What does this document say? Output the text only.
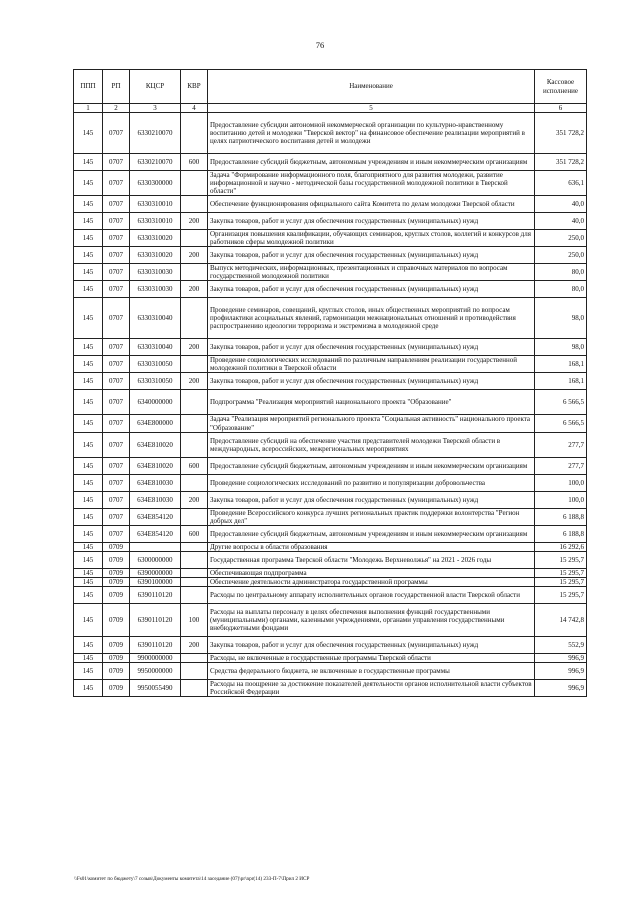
76
ППП	РП	КЦСР	КВР	Наименование	Кассовое исполнение
1	2	3	4	5	6
145	0707	6330210070		Предоставление субсидии автономной некоммерческой организации по культурно-нравственному воспитанию детей и молодежи "Тверской вектор" на финансовое обеспечение реализации мероприятий в целях патриотического воспитания детей и молодежи	351 728,2
145	0707	6330210070	600	Предоставление субсидий бюджетным, автономным учреждениям и иным некоммерческим организациям	351 728,2
145	0707	6330300000		Задача "Формирование информационного поля, благоприятного для развития молодежи, развитие информационной и научно - методической базы государственной молодежной политики в Тверской области"	636,1
145	0707	6330310010		Обеспечение функционирования официального сайта Комитета по делам молодежи Тверской области	40,0
145	0707	6330310010	200	Закупка товаров, работ и услуг для обеспечения государственных (муниципальных) нужд	40,0
145	0707	6330310020		Организация повышения квалификации, обучающих семинаров, круглых столов, коллегий и конкурсов для работников сферы молодежной политики	250,0
145	0707	6330310020	200	Закупка товаров, работ и услуг для обеспечения государственных (муниципальных) нужд	250,0
145	0707	6330310030		Выпуск методических, информационных, презентационных и справочных материалов по вопросам государственной молодежной политики	80,0
145	0707	6330310030	200	Закупка товаров, работ и услуг для обеспечения государственных (муниципальных) нужд	80,0
145	0707	6330310040		Проведение семинаров, совещаний, круглых столов, иных общественных мероприятий по вопросам профилактики асоциальных явлений, гармонизации межнациональных отношений и противодействия распространению идеологии терроризма и экстремизма в молодежной среде	98,0
145	0707	6330310040	200	Закупка товаров, работ и услуг для обеспечения государственных (муниципальных) нужд	98,0
145	0707	6330310050		Проведение социологических исследований по различным направлениям реализации государственной молодежной политики в Тверской области	168,1
145	0707	6330310050	200	Закупка товаров, работ и услуг для обеспечения государственных (муниципальных) нужд	168,1
145	0707	6340000000		Подпрограмма "Реализация мероприятий национального проекта "Образование"	6 566,5
145	0707	634E800000		Задача "Реализация мероприятий регионального проекта "Социальная активность" национального проекта "Образование"	6 566,5
145	0707	634E810020		Предоставление субсидий на обеспечение участия представителей молодежи Тверской области в международных, всероссийских, межрегиональных мероприятиях	277,7
145	0707	634E810020	600	Предоставление субсидий бюджетным, автономным учреждениям и иным некоммерческим организациям	277,7
145	0707	634E810030		Проведение социологических исследований по развитию и популяризации добровольчества	100,0
145	0707	634E810030	200	Закупка товаров, работ и услуг для обеспечения государственных (муниципальных) нужд	100,0
145	0707	634E854120		Проведение Всероссийского конкурса лучших региональных практик поддержки волонтерства "Регион добрых дел"	6 188,8
145	0707	634E854120	600	Предоставление субсидий бюджетным, автономным учреждениям и иным некоммерческим организациям	6 188,8
145	0709			Другие вопросы в области образования	16 292,6
145	0709	6300000000		Государственная программа Тверской области "Молодежь Верхневолжья" на 2021 - 2026 годы	15 295,7
145	0709	6390000000		Обеспечивающая подпрограмма	15 295,7
145	0709	6390100000		Обеспечение деятельности администратора государственной программы	15 295,7
145	0709	6390110120		Расходы по центральному аппарату исполнительных органов государственной власти Тверской области	15 295,7
145	0709	6390110120	100	Расходы на выплаты персоналу в целях обеспечения выполнения функций государственными (муниципальными) органами, казенными учреждениями, органами управления государственными внебюджетными фондами	14 742,8
145	0709	6390110120	200	Закупка товаров, работ и услуг для обеспечения государственных (муниципальных) нужд	552,9
145	0709	9900000000		Расходы, не включенные в государственные программы Тверской области	996,9
145	0709	9950000000		Средства федерального бюджета, не включенные в государственные программы	996,9
145	0709	9950055490		Расходы на поощрение за достижение показателей деятельности органов исполнительной власти субъектов Российской Федерации	996,9
\\Fs01\комитет по бюджету\7 созыв\Документы комитета\14 заседание (07)\pr\npr(14) 233-П-7\Прил 2 ИСР
